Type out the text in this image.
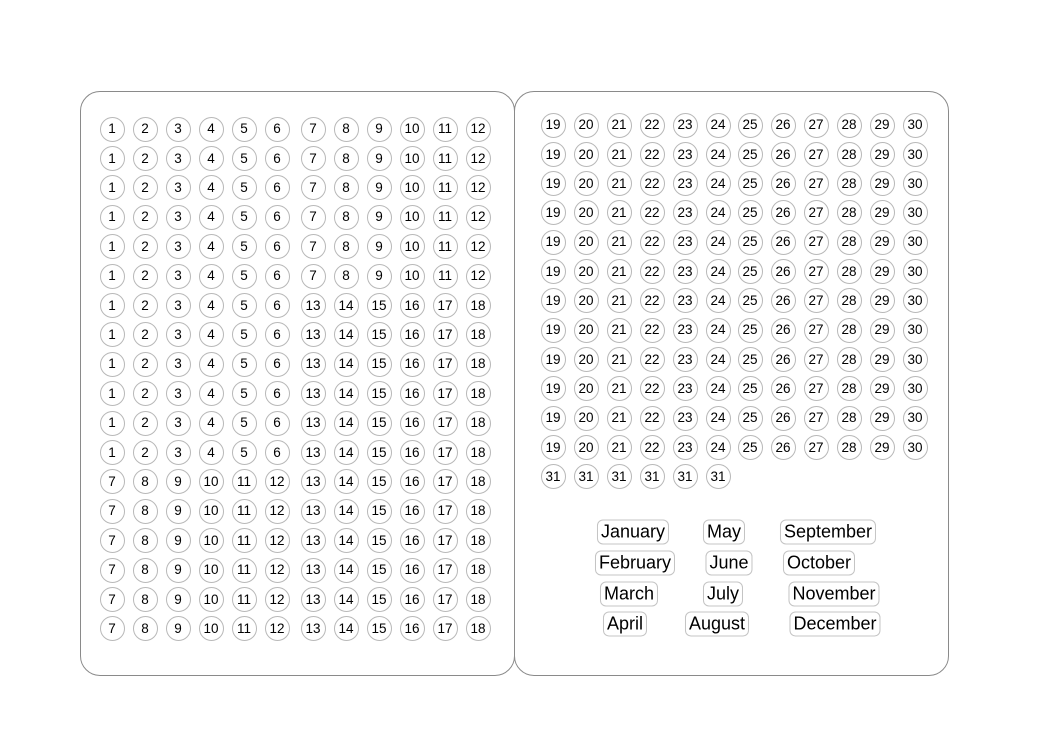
1	2	3	4	5	6	7	8	9	10	11	12
1	2	3	4	5	6	7	8	9	10	11	12
1	2	3	4	5	6	7	8	9	10	11	12
1	2	3	4	5	6	7	8	9	10	11	12
1	2	3	4	5	6	7	8	9	10	11	12
1	2	3	4	5	6	7	8	9	10	11	12
1	2	3	4	5	6	13	14	15	16	17	18
1	2	3	4	5	6	13	14	15	16	17	18
1	2	3	4	5	6	13	14	15	16	17	18
1	2	3	4	5	6	13	14	15	16	17	18
1	2	3	4	5	6	13	14	15	16	17	18
1	2	3	4	5	6	13	14	15	16	17	18
7	8	9	10	11	12	13	14	15	16	17	18
7	8	9	10	11	12	13	14	15	16	17	18
7	8	9	10	11	12	13	14	15	16	17	18
7	8	9	10	11	12	13	14	15	16	17	18
7	8	9	10	11	12	13	14	15	16	17	18
7	8	9	10	11	12	13	14	15	16	17	18
19	20	21	22	23	24	25	26	27	28	29	30
19	20	21	22	23	24	25	26	27	28	29	30
19	20	21	22	23	24	25	26	27	28	29	30
19	20	21	22	23	24	25	26	27	28	29	30
19	20	21	22	23	24	25	26	27	28	29	30
19	20	21	22	23	24	25	26	27	28	29	30
19	20	21	22	23	24	25	26	27	28	29	30
19	20	21	22	23	24	25	26	27	28	29	30
19	20	21	22	23	24	25	26	27	28	29	30
19	20	21	22	23	24	25	26	27	28	29	30
19	20	21	22	23	24	25	26	27	28	29	30
19	20	21	22	23	24	25	26	27	28	29	30
31	31	31	31	31	31
January May September
February June October
March	July	November
April	August	December
